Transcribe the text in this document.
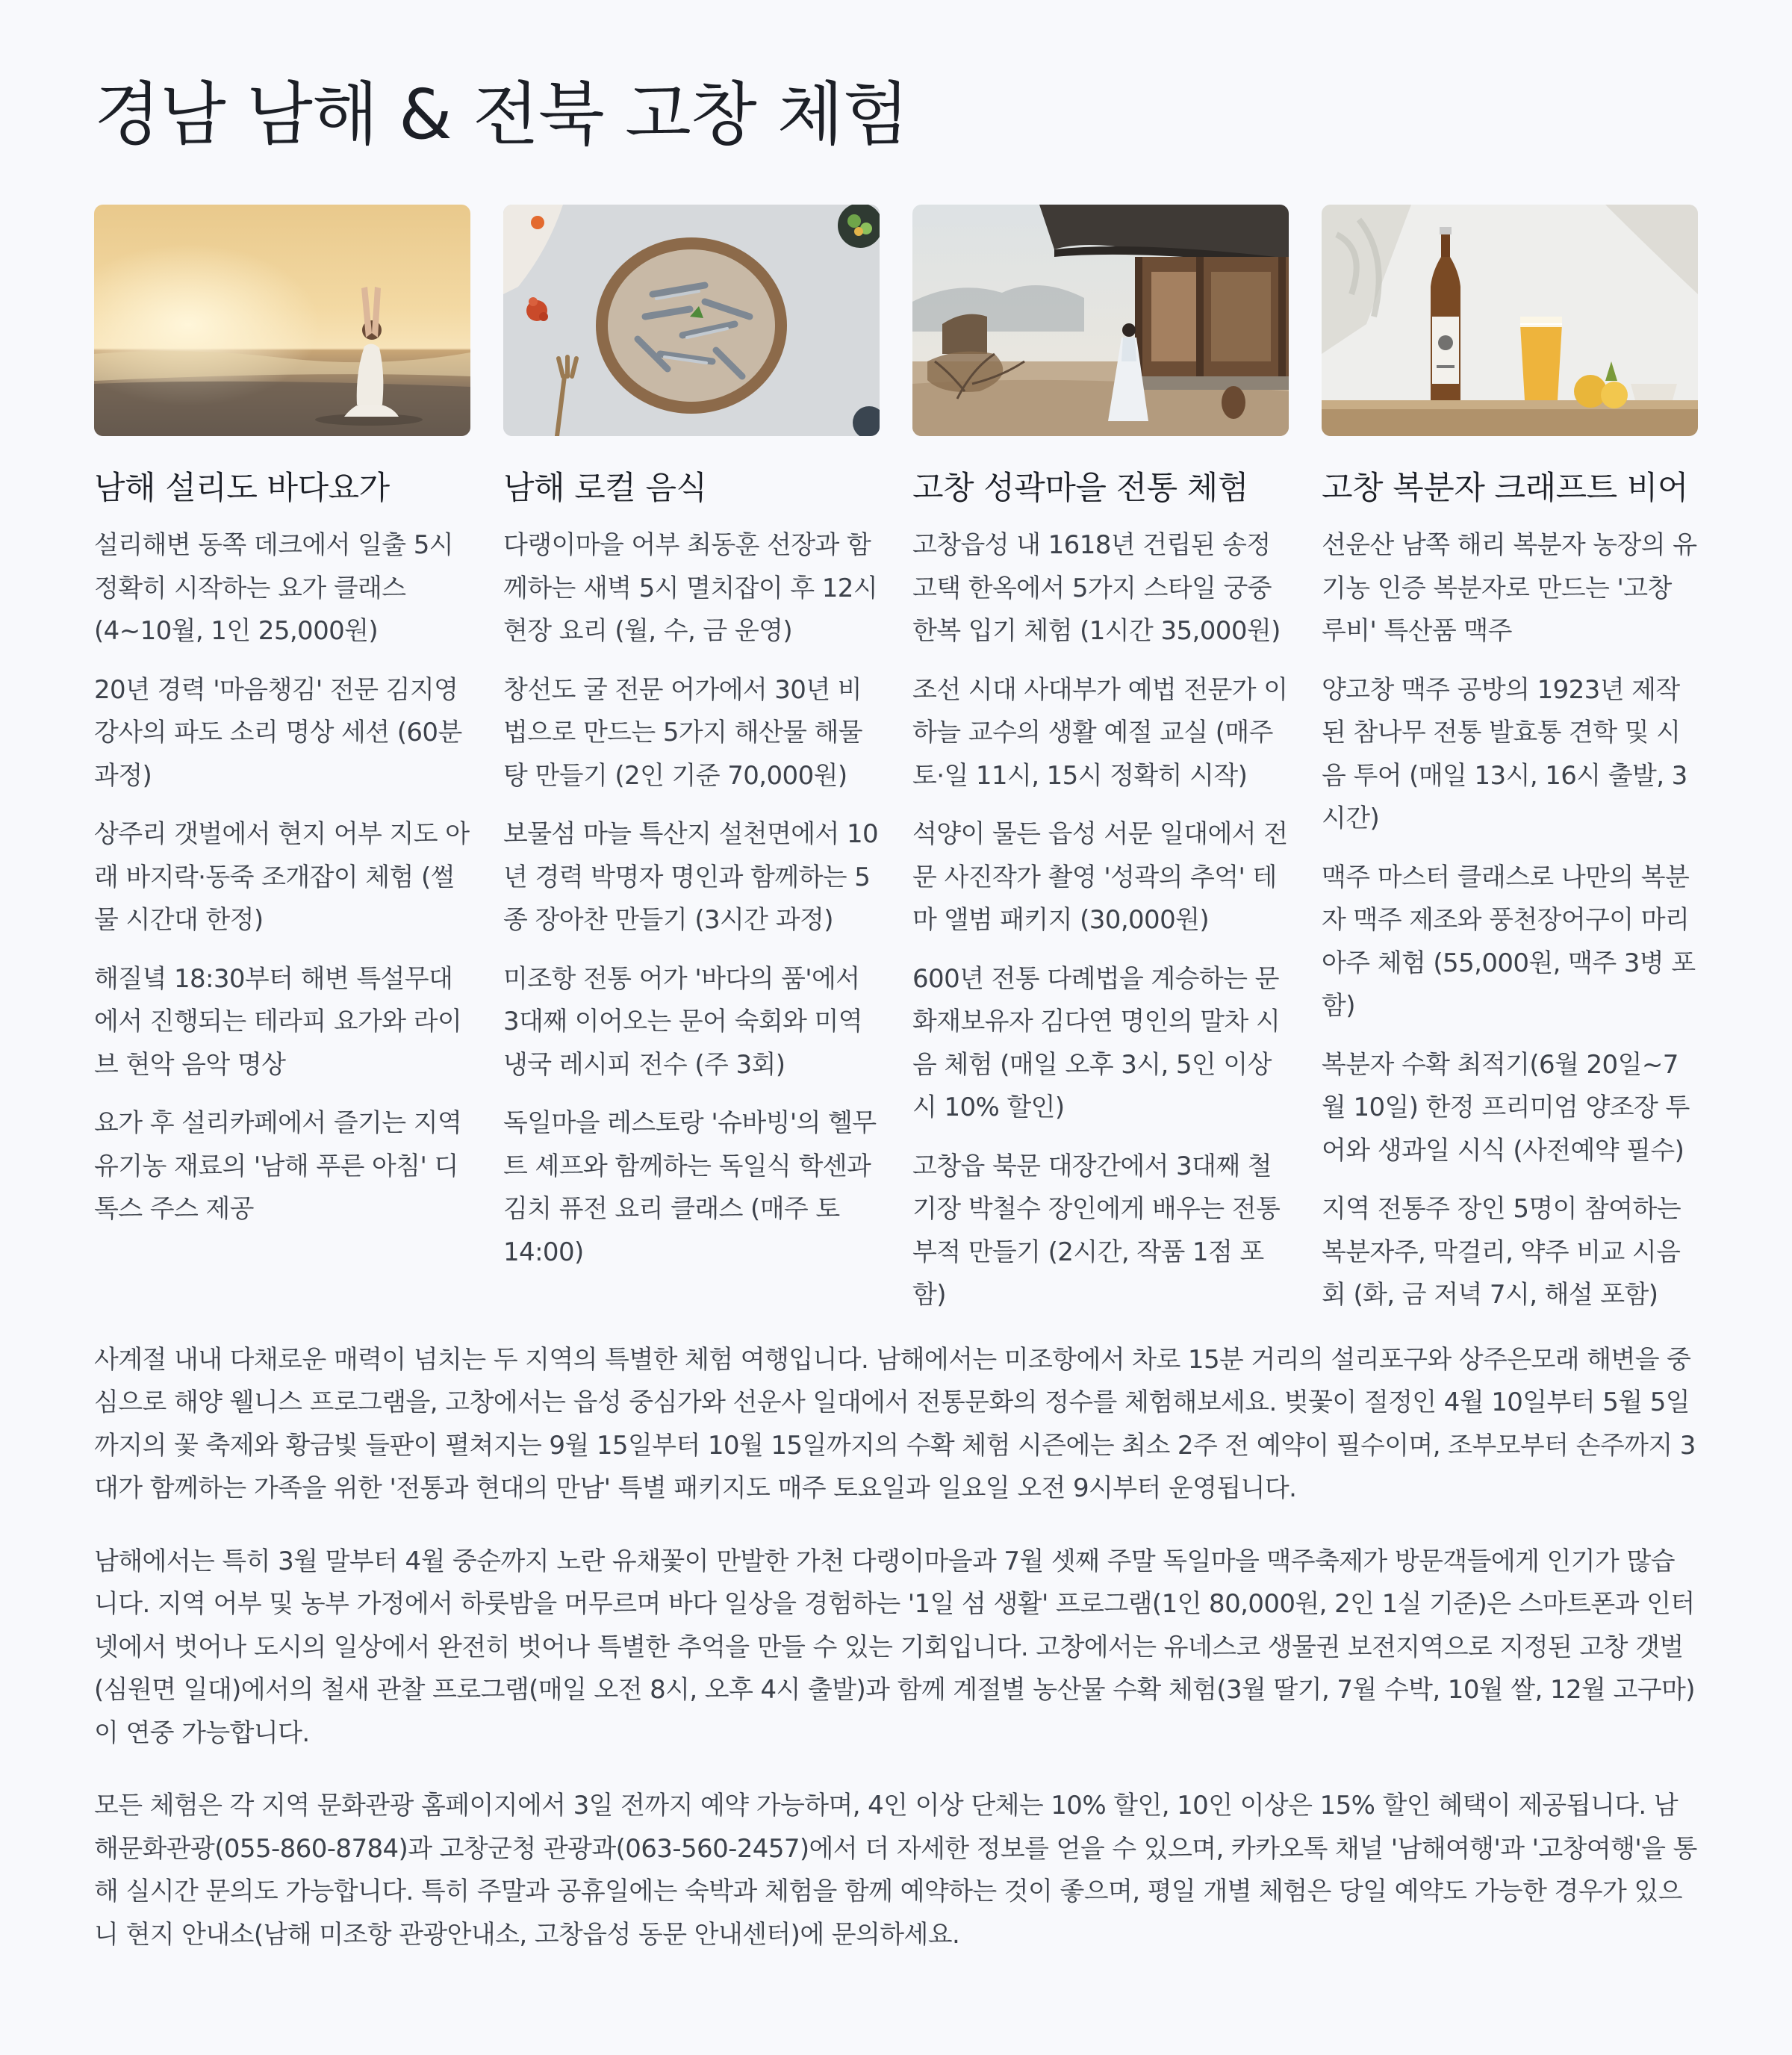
경남 남해 & 전북 고창 체험
남해 설리도 바다요가
설리해변 동쪽 데크에서 일출 5시 정확히 시작하는 요가 클래스 (4~10월, 1인 25,000원)
20년 경력 '마음챙김' 전문 김지영 강사의 파도 소리 명상 세션 (60분 과정)
상주리 갯벌에서 현지 어부 지도 아래 바지락·동죽 조개잡이 체험 (썰물 시간대 한정)
해질녘 18:30부터 해변 특설무대에서 진행되는 테라피 요가와 라이브 현악 음악 명상
요가 후 설리카페에서 즐기는 지역 유기농 재료의 '남해 푸른 아침' 디톡스 주스 제공
남해 로컬 음식
다랭이마을 어부 최동훈 선장과 함께하는 새벽 5시 멸치잡이 후 12시 현장 요리 (월, 수, 금 운영)
창선도 굴 전문 어가에서 30년 비법으로 만드는 5가지 해산물 해물탕 만들기 (2인 기준 70,000원)
보물섬 마늘 특산지 설천면에서 10년 경력 박명자 명인과 함께하는 5종 장아찬 만들기 (3시간 과정)
미조항 전통 어가 '바다의 품'에서 3대째 이어오는 문어 숙회와 미역냉국 레시피 전수 (주 3회)
독일마을 레스토랑 '슈바빙'의 헬무트 셰프와 함께하는 독일식 학센과 김치 퓨전 요리 클래스 (매주 토 14:00)
고창 성곽마을 전통 체험
고창읍성 내 1618년 건립된 송정고택 한옥에서 5가지 스타일 궁중한복 입기 체험 (1시간 35,000원)
조선 시대 사대부가 예법 전문가 이하늘 교수의 생활 예절 교실 (매주 토·일 11시, 15시 정확히 시작)
석양이 물든 읍성 서문 일대에서 전문 사진작가 촬영 '성곽의 추억' 테마 앨범 패키지 (30,000원)
600년 전통 다례법을 계승하는 문화재보유자 김다연 명인의 말차 시음 체험 (매일 오후 3시, 5인 이상 시 10% 할인)
고창읍 북문 대장간에서 3대째 철기장 박철수 장인에게 배우는 전통 부적 만들기 (2시간, 작품 1점 포함)
고창 복분자 크래프트 비어
선운산 남쪽 해리 복분자 농장의 유기농 인증 복분자로 만드는 '고창 루비' 특산품 맥주
양고창 맥주 공방의 1923년 제작된 참나무 전통 발효통 견학 및 시음 투어 (매일 13시, 16시 출발, 3시간)
맥주 마스터 클래스로 나만의 복분자 맥주 제조와 풍천장어구이 마리아주 체험 (55,000원, 맥주 3병 포함)
복분자 수확 최적기(6월 20일~7월 10일) 한정 프리미엄 양조장 투어와 생과일 시식 (사전예약 필수)
지역 전통주 장인 5명이 참여하는 복분자주, 막걸리, 약주 비교 시음회 (화, 금 저녁 7시, 해설 포함)

사계절 내내 다채로운 매력이 넘치는 두 지역의 특별한 체험 여행입니다. 남해에서는 미조항에서 차로 15분 거리의 설리포구와 상주은모래 해변을 중심으로 해양 웰니스 프로그램을, 고창에서는 읍성 중심가와 선운사 일대에서 전통문화의 정수를 체험해보세요. 벚꽃이 절정인 4월 10일부터 5월 5일까지의 꽃 축제와 황금빛 들판이 펼쳐지는 9월 15일부터 10월 15일까지의 수확 체험 시즌에는 최소 2주 전 예약이 필수이며, 조부모부터 손주까지 3대가 함께하는 가족을 위한 '전통과 현대의 만남' 특별 패키지도 매주 토요일과 일요일 오전 9시부터 운영됩니다.

남해에서는 특히 3월 말부터 4월 중순까지 노란 유채꽃이 만발한 가천 다랭이마을과 7월 셋째 주말 독일마을 맥주축제가 방문객들에게 인기가 많습니다. 지역 어부 및 농부 가정에서 하룻밤을 머무르며 바다 일상을 경험하는 '1일 섬 생활' 프로그램(1인 80,000원, 2인 1실 기준)은 스마트폰과 인터넷에서 벗어나 도시의 일상에서 완전히 벗어나 특별한 추억을 만들 수 있는 기회입니다. 고창에서는 유네스코 생물권 보전지역으로 지정된 고창 갯벌(심원면 일대)에서의 철새 관찰 프로그램(매일 오전 8시, 오후 4시 출발)과 함께 계절별 농산물 수확 체험(3월 딸기, 7월 수박, 10월 쌀, 12월 고구마)이 연중 가능합니다.

모든 체험은 각 지역 문화관광 홈페이지에서 3일 전까지 예약 가능하며, 4인 이상 단체는 10% 할인, 10인 이상은 15% 할인 혜택이 제공됩니다. 남해문화관광(055-860-8784)과 고창군청 관광과(063-560-2457)에서 더 자세한 정보를 얻을 수 있으며, 카카오톡 채널 '남해여행'과 '고창여행'을 통해 실시간 문의도 가능합니다. 특히 주말과 공휴일에는 숙박과 체험을 함께 예약하는 것이 좋으며, 평일 개별 체험은 당일 예약도 가능한 경우가 있으니 현지 안내소(남해 미조항 관광안내소, 고창읍성 동문 안내센터)에 문의하세요.
